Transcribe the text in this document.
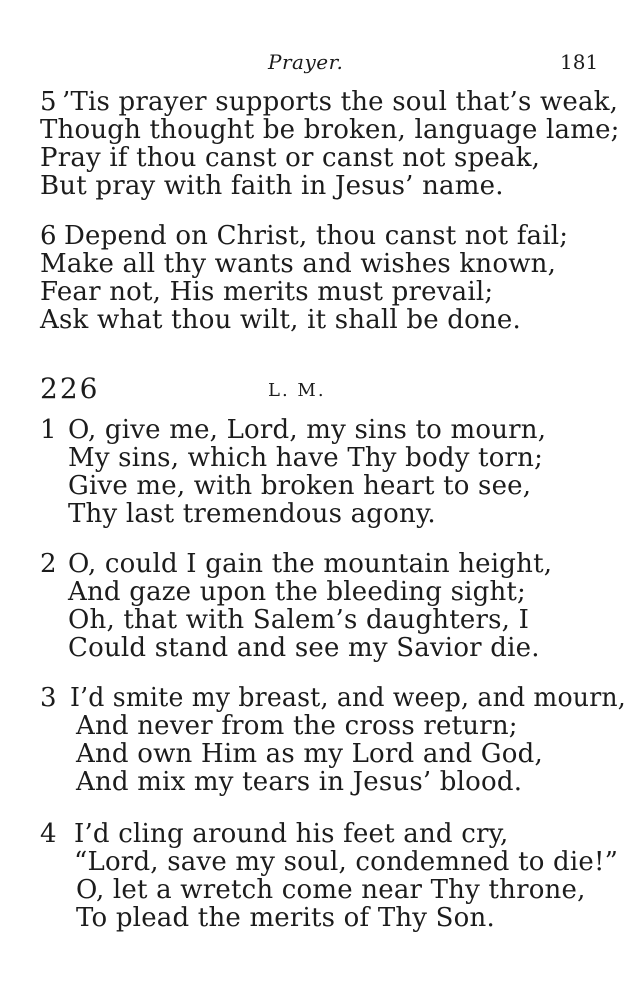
Prayer.	181
5 ’Tis prayer supports the soul that’s weak,
Though thought be broken, language lame;
Pray if thou canst or canst not speak,
But pray with faith in Jesus’ name.
6 Depend on Christ, thou canst not fail;
Make all thy wants and wishes known,
Fear not, His merits must prevail;
Ask what thou wilt, it shall be done.
226	L. M.
1 O, give me, Lord, my sins to mourn,
My sins, which have Thy body torn;
Give me, with broken heart to see,
Thy last tremendous agony.
2 O, could I gain the mountain height,
And gaze upon the bleeding sight;
Oh, that with Salem’s daughters, I
Could stand and see my Savior die.
3 I’d smite my breast, and weep, and mourn,
And never from the cross return;
And own Him as my Lord and God,
And mix my tears in Jesus’ blood.
4 I’d cling around his feet and cry,
“Lord, save my soul, condemned to die!”
O, let a wretch come near Thy throne,
To plead the merits of Thy Son.
